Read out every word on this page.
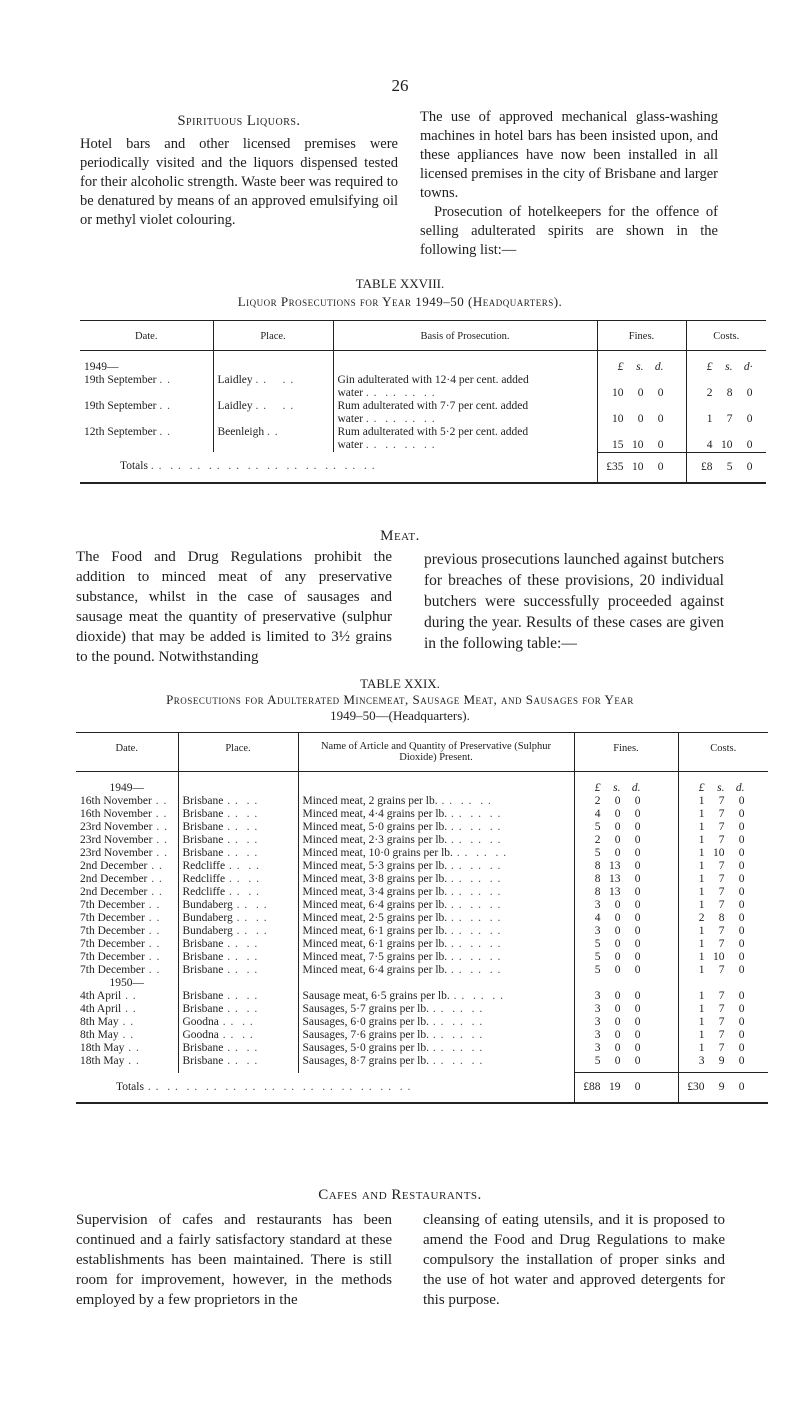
26
Spirituous Liquors.

Hotel bars and other licensed premises were periodically visited and the liquors dispensed tested for their alcoholic strength. Waste beer was required to be denatured by means of an approved emulsifying oil or methyl violet colouring.

The use of approved mechanical glass-washing machines in hotel bars has been insisted upon, and these appliances have now been installed in all licensed premises in the city of Brisbane and larger towns.

Prosecution of hotelkeepers for the offence of selling adulterated spirits are shown in the following list:—

TABLE XXVIII.
Liquor Prosecutions for Year 1949–50 (Headquarters).
Date.	Place.	Basis of Prosecution.	Fines.	Costs.
1949—			£ s. d.	£ s. d·
19th September . .	Laidley . .    . .	Gin adulterated with 12·4 per cent. added
water . .  . .  . .  . .	10 0 0	2 8 0
19th September . .	Laidley . .    . .	Rum adulterated with 7·7 per cent. added
water . .  . .  . .  . .	10 0 0	1 7 0
12th September . .	Beenleigh . .	Rum adulterated with 5·2 per cent. added
water . .  . .  . .  . .	15 10 0	4 10 0
Totals . .  . .  . .  . .  . .  . .  . .  . .  . .  . .  . .  . .			£35 10 0	£8 5 0
Meat.

The Food and Drug Regulations prohibit the addition to minced meat of any preservative substance, whilst in the case of sausages and sausage meat the quantity of preservative (sulphur dioxide) that may be added is limited to 3½ grains to the pound. Notwithstanding

previous prosecutions launched against butchers for breaches of these provisions, 20 individual butchers were successfully proceeded against during the year. Results of these cases are given in the following table:—

TABLE XXIX.
Prosecutions for Adulterated Mincemeat, Sausage Meat, and Sausages for Year
1949–50—(Headquarters).
Date.	Place.	Name of Article and Quantity of Preservative (Sulphur Dioxide) Present.	Fines.	Costs.
1949—			£ s. d.	£ s. d.
16th November . .	Brisbane . .  . .	Minced meat, 2 grains per lb. . .  . .  . .	2 0 0	1 7 0
16th November . .	Brisbane . .  . .	Minced meat, 4·4 grains per lb. . .  . .  . .	4 0 0	1 7 0
23rd November . .	Brisbane . .  . .	Minced meat, 5·0 grains per lb. . .  . .  . .	5 0 0	1 7 0
23rd November . .	Brisbane . .  . .	Minced meat, 2·3 grains per lb. . .  . .  . .	2 0 0	1 7 0
23rd November . .	Brisbane . .  . .	Minced meat, 10·0 grains per lb. . .  . .  . .	5 0 0	1 10 0
2nd December . .	Redcliffe . .  . .	Minced meat, 5·3 grains per lb. . .  . .  . .	8 13 0	1 7 0
2nd December . .	Redcliffe . .  . .	Minced meat, 3·8 grains per lb. . .  . .  . .	8 13 0	1 7 0
2nd December . .	Redcliffe . .  . .	Minced meat, 3·4 grains per lb. . .  . .  . .	8 13 0	1 7 0
7th December . .	Bundaberg . .  . .	Minced meat, 6·4 grains per lb. . .  . .  . .	3 0 0	1 7 0
7th December . .	Bundaberg . .  . .	Minced meat, 2·5 grains per lb. . .  . .  . .	4 0 0	2 8 0
7th December . .	Bundaberg . .  . .	Minced meat, 6·1 grains per lb. . .  . .  . .	3 0 0	1 7 0
7th December . .	Brisbane . .  . .	Minced meat, 6·1 grains per lb. . .  . .  . .	5 0 0	1 7 0
7th December . .	Brisbane . .  . .	Minced meat, 7·5 grains per lb. . .  . .  . .	5 0 0	1 10 0
7th December . .	Brisbane . .  . .	Minced meat, 6·4 grains per lb. . .  . .  . .	5 0 0	1 7 0
1950—				
4th April . .	Brisbane . .  . .	Sausage meat, 6·5 grains per lb. . .  . .  . .	3 0 0	1 7 0
4th April . .	Brisbane . .  . .	Sausages, 5·7 grains per lb. . .  . .  . .	3 0 0	1 7 0
8th May . .	Goodna . .  . .	Sausages, 6·0 grains per lb. . .  . .  . .	3 0 0	1 7 0
8th May . .	Goodna . .  . .	Sausages, 7·6 grains per lb. . .  . .  . .	3 0 0	1 7 0
18th May . .	Brisbane . .  . .	Sausages, 5·0 grains per lb. . .  . .  . .	3 0 0	1 7 0
18th May . .	Brisbane . .  . .	Sausages, 8·7 grains per lb. . .  . .  . .	5 0 0	3 9 0
Totals . .  . .  . .  . .  . .  . .  . .  . .  . .  . .  . .  . .  . .  . .			£88 19 0	£30 9 0
Cafes and Restaurants.

Supervision of cafes and restaurants has been continued and a fairly satisfactory standard at these establishments has been maintained. There is still room for improvement, however, in the methods employed by a few proprietors in the

cleansing of eating utensils, and it is proposed to amend the Food and Drug Regulations to make compulsory the installation of proper sinks and the use of hot water and approved detergents for this purpose.
